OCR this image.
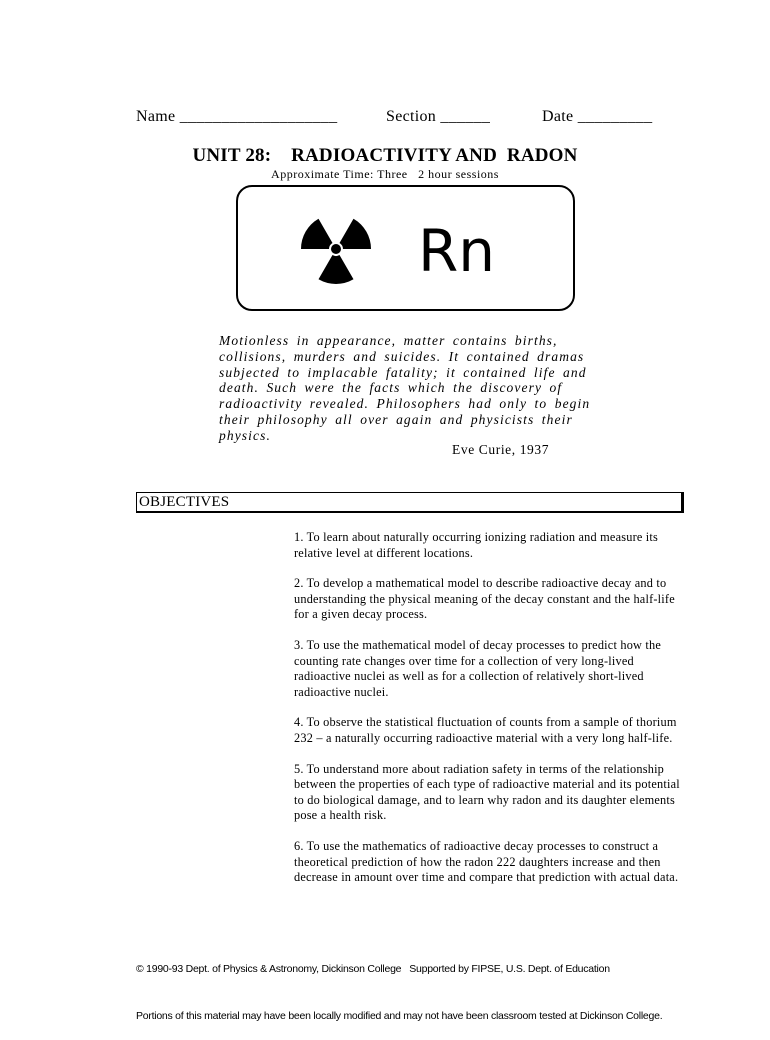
Name ___________________	Section ______	Date _________
UNIT 28:    RADIOACTIVITY AND  RADON
Approximate Time: Three   2 hour sessions
Rn

Motionless in appearance, matter contains births,

collisions, murders and suicides. It contained dramas

subjected to implacable fatality; it contained life and

death. Such were the facts which the discovery of

radioactivity revealed. Philosophers had only to begin

their philosophy all over again and physicists their

physics.

Eve Curie, 1937
OBJECTIVES
1. To learn about naturally occurring ionizing radiation and measure its relative level at different locations.
2. To develop a mathematical model to describe radioactive decay and to understanding the physical meaning of the decay constant and the half-life for a given decay process.
3. To use the mathematical model of decay processes to predict how the counting rate changes over time for a collection of very long-lived radioactive nuclei as well as for a collection of relatively short-lived radioactive nuclei.
4. To observe the statistical fluctuation of counts from a sample of thorium 232 – a naturally occurring radioactive material with a very long half-life.
5. To understand more about radiation safety in terms of the relationship between the properties of each type of radioactive material and its potential to do biological damage, and to learn why radon and its daughter elements pose a health risk.
6. To use the mathematics of radioactive decay processes to construct a theoretical prediction of how the radon 222 daughters increase and then decrease in amount over time and compare that prediction with actual data.

© 1990-93 Dept. of Physics & Astronomy, Dickinson College   Supported by FIPSE, U.S. Dept. of Education

Portions of this material may have been locally modified and may not have been classroom tested at Dickinson College.
